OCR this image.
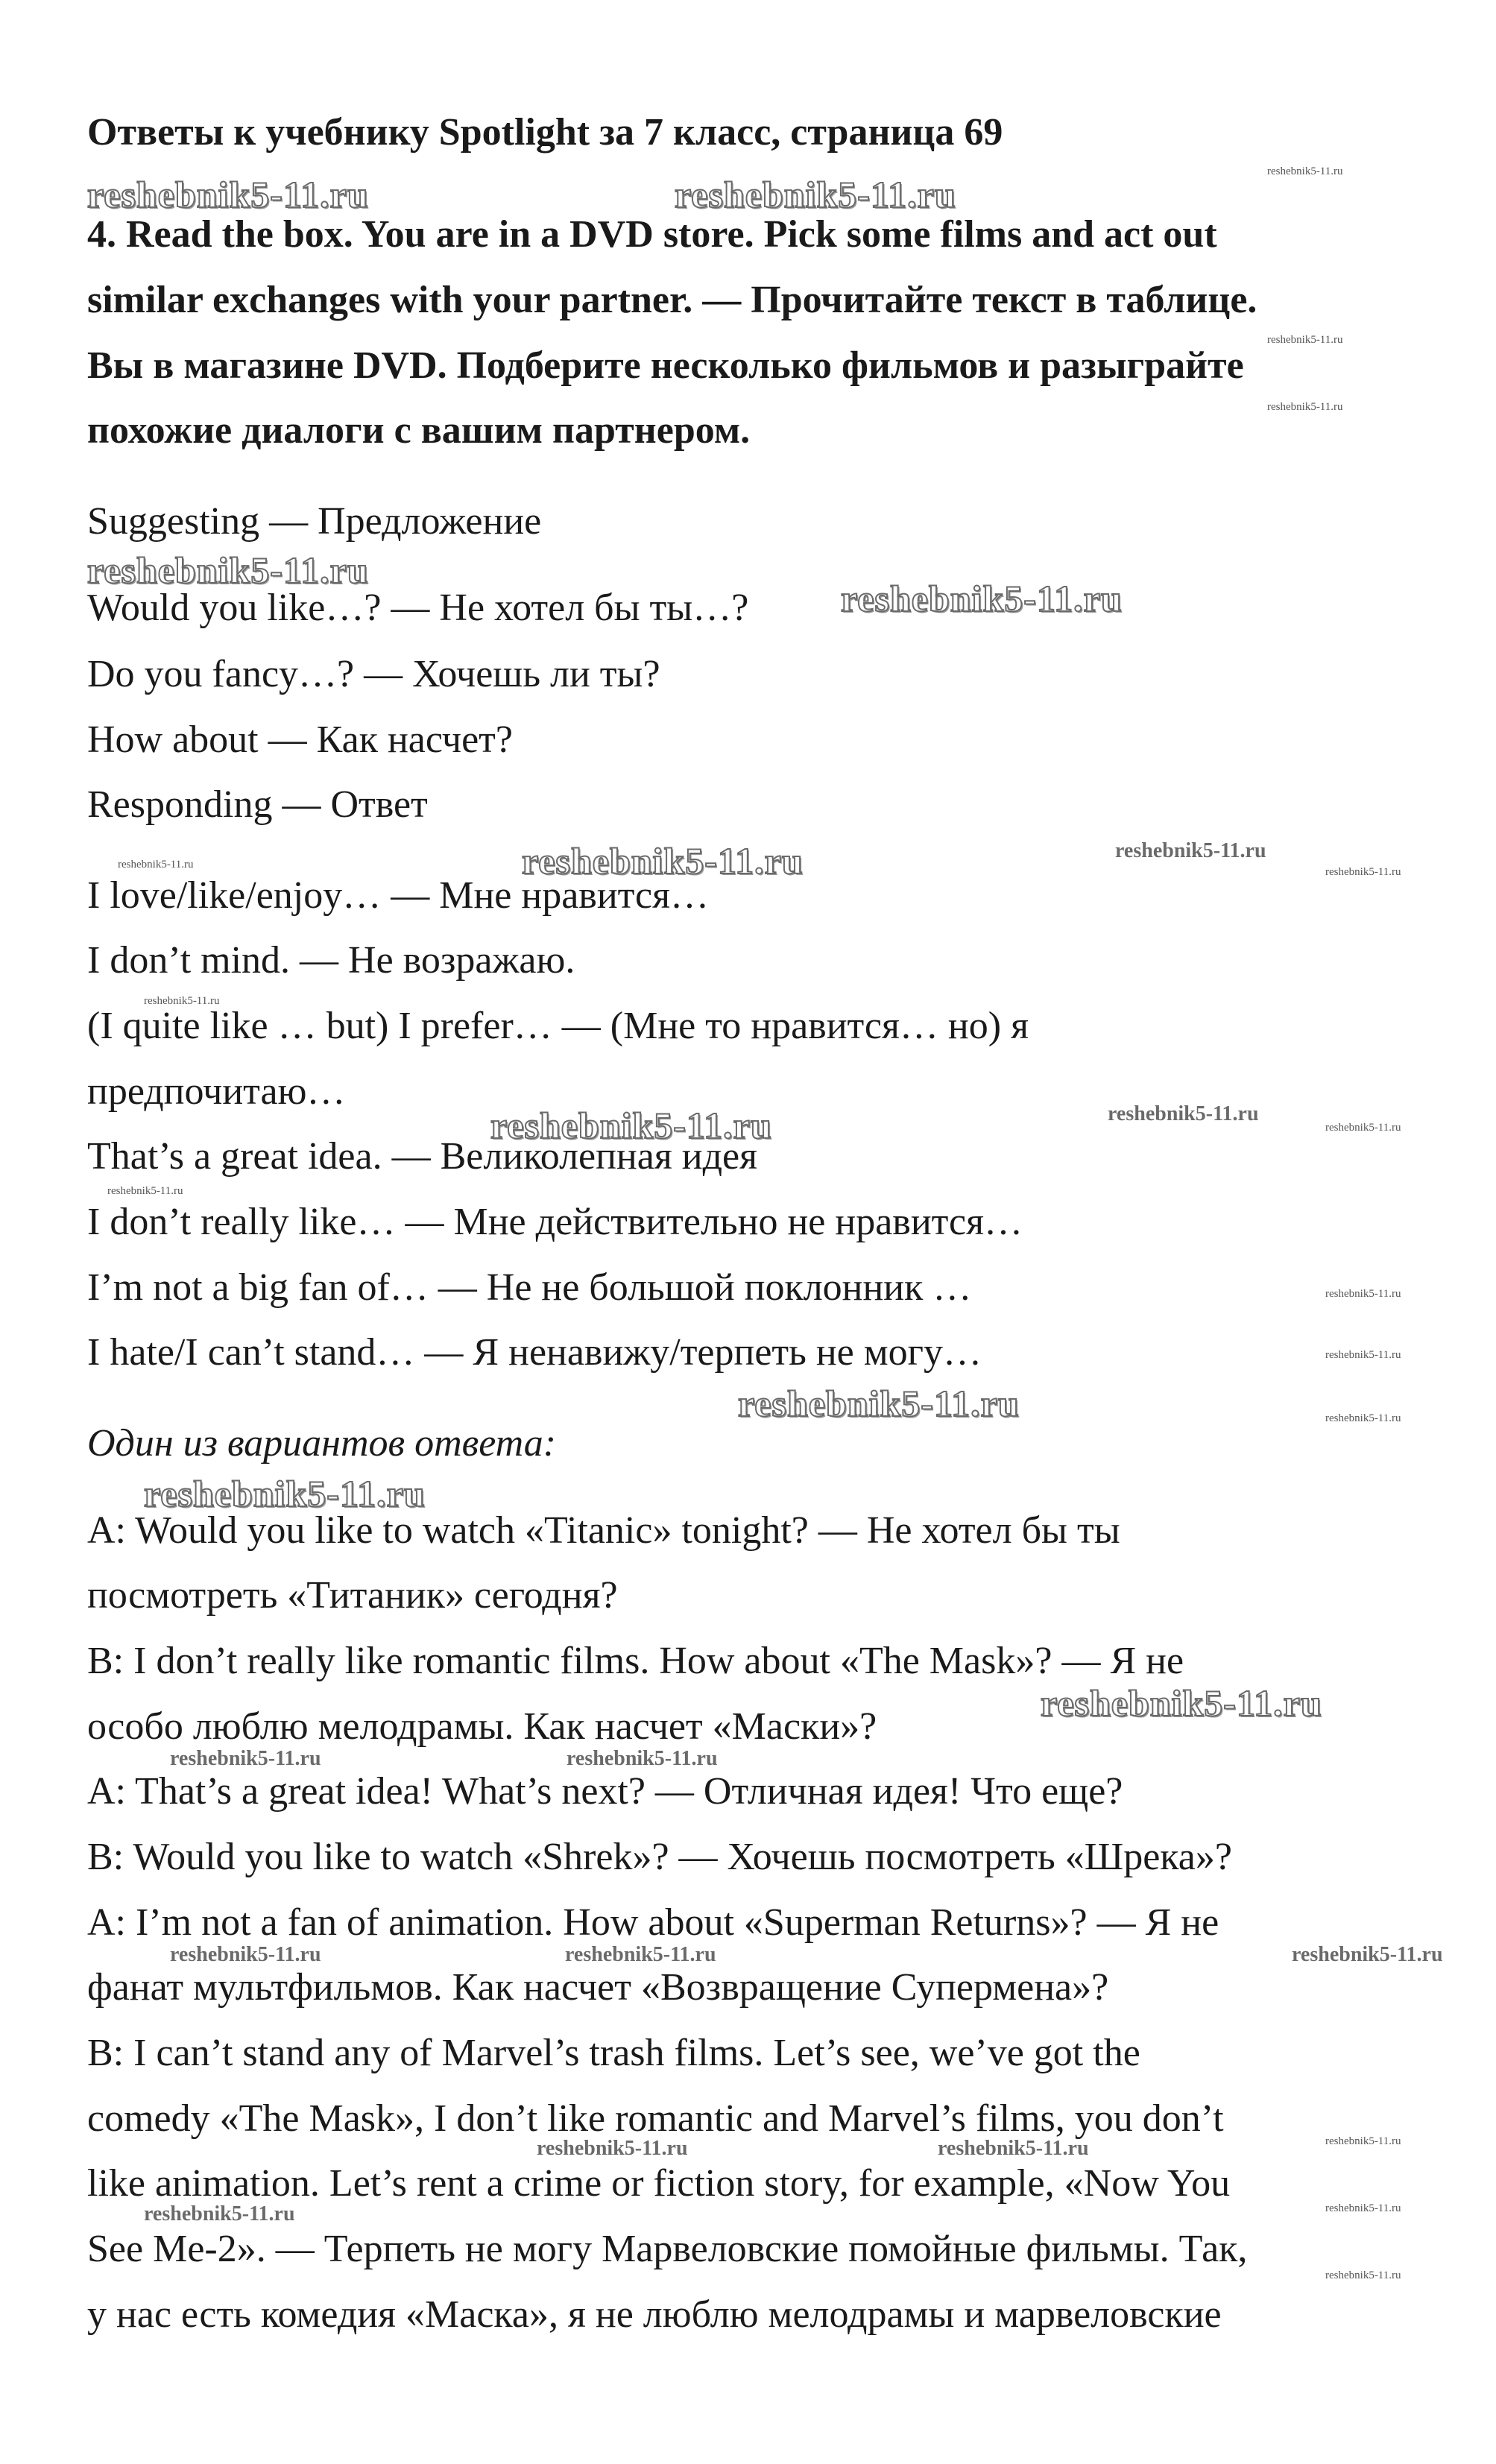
Ответы к учебнику Spotlight за 7 класс, страница 69
4. Read the box. You are in a DVD store. Pick some films and act out
similar exchanges with your partner. — Прочитайте текст в таблице.
Вы в магазине DVD. Подберите несколько фильмов и разыграйте
похожие диалоги с вашим партнером.
Suggesting — Предложение
Would you like…? — Не хотел бы ты…?
Do you fancy…? — Хочешь ли ты?
How about — Как насчет?
Responding — Ответ
I love/like/enjoy… — Мне нравится…
I don’t mind. — Не возражаю.
(I quite like … but) I prefer… — (Мне то нравится… но) я
предпочитаю…
That’s a great idea. — Великолепная идея
I don’t really like… — Мне действительно не нравится…
I’m not a big fan of… — Не не большой поклонник …
I hate/I can’t stand… — Я ненавижу/терпеть не могу…
Один из вариантов ответа:
A: Would you like to watch «Titanic» tonight? — Не хотел бы ты
посмотреть «Титаник» сегодня?
B: I don’t really like romantic films. How about «The Mask»? — Я не
особо люблю мелодрамы. Как насчет «Маски»?
A: That’s a great idea! What’s next? — Отличная идея! Что еще?
B: Would you like to watch «Shrek»? — Хочешь посмотреть «Шрека»?
A: I’m not a fan of animation. How about «Superman Returns»? — Я не
фанат мультфильмов. Как насчет «Возвращение Супермена»?
B: I can’t stand any of Marvel’s trash films. Let’s see, we’ve got the
comedy «The Mask», I don’t like romantic and Marvel’s films, you don’t
like animation. Let’s rent a crime or fiction story, for example, «Now You
See Me-2». — Терпеть не могу Марвеловские помойные фильмы. Так,
у нас есть комедия «Маска», я не люблю мелодрамы и марвеловские
reshebnik5-11.ru	reshebnik5-11.ru
reshebnik5-11.ru
reshebnik5-11.ru
reshebnik5-11.ru
reshebnik5-11.ru
reshebnik5-11.ru
reshebnik5-11.ru
reshebnik5-11.ru
reshebnik5-11.ru
reshebnik5-11.ru
reshebnik5-11.ru	reshebnik5-11.ru
reshebnik5-11.ru	reshebnik5-11.ru	reshebnik5-11.ru
reshebnik5-11.ru	reshebnik5-11.ru
reshebnik5-11.ru
reshebnik5-11.ru
reshebnik5-11.ru
reshebnik5-11.ru
reshebnik5-11.ru
reshebnik5-11.ru
reshebnik5-11.ru
reshebnik5-11.ru
reshebnik5-11.ru
reshebnik5-11.ru
reshebnik5-11.ru
reshebnik5-11.ru
reshebnik5-11.ru
reshebnik5-11.ru
reshebnik5-11.ru
